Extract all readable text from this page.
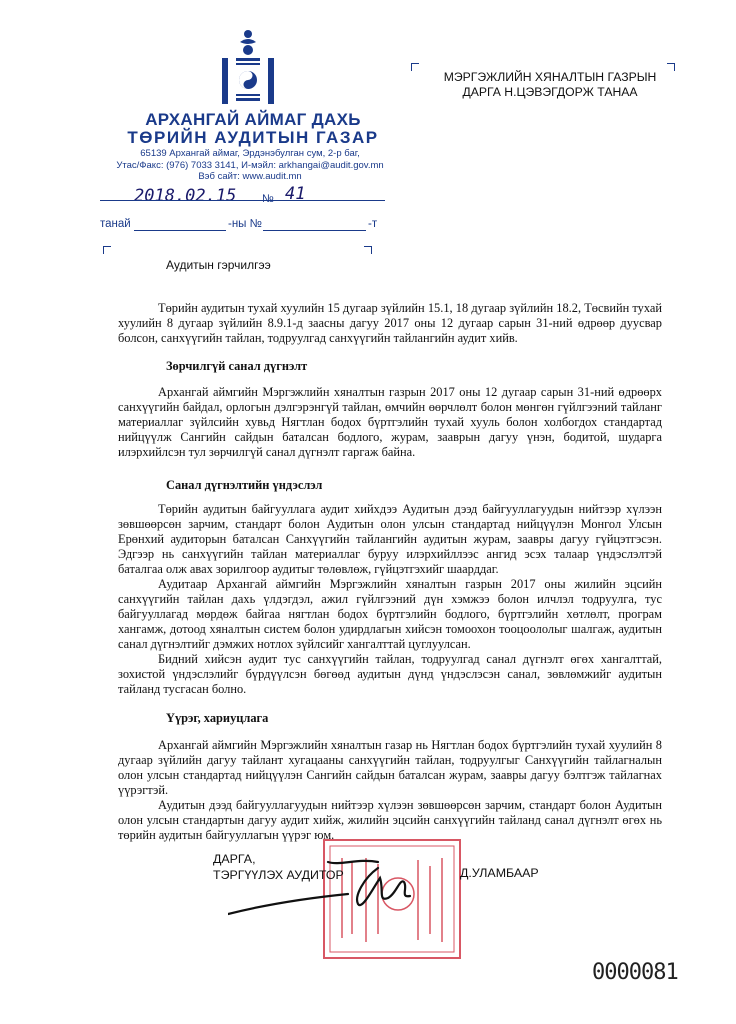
АРХАНГАЙ АЙМАГ ДАХЬ
ТӨРИЙН АУДИТЫН ГАЗАР
65139 Архангай аймаг, Эрдэнэбулган сум, 2-р баг,
Утас/Факс: (976) 7033 3141, И-мэйл: arkhangai@audit.gov.mn
Вэб сайт: www.audit.mn
2018.02.15 № 41
танай	-ны №	-т
МЭРГЭЖЛИЙН ХЯНАЛТЫН ГАЗРЫН
ДАРГА Н.ЦЭВЭГДОРЖ ТАНАА
Аудитын гэрчилгээ

Төрийн аудитын тухай хуулийн 15 дугаар зүйлийн 15.1, 18 дугаар зүйлийн 18.2, Төсвийн тухай хуулийн 8 дугаар зүйлийн 8.9.1-д заасны дагуу 2017 оны 12 дугаар сарын 31-ний өдрөөр дуусвар болсон, санхүүгийн тайлан, тодруулгад санхүүгийн тайлангийн аудит хийв.

Зөрчилгүй санал дүгнэлт

Архангай аймгийн Мэргэжлийн хяналтын газрын 2017 оны 12 дугаар сарын 31-ний өдрөөрх санхүүгийн байдал, орлогын дэлгэрэнгүй тайлан, өмчийн өөрчлөлт болон мөнгөн гүйлгээний тайланг материаллаг зүйлсийн хувьд Нягтлан бодох бүртгэлийн тухай хууль болон холбогдох стандартад нийцүүлж Сангийн сайдын баталсан бодлого, журам, зааврын дагуу үнэн, бодитой, шударга илэрхийлсэн тул зөрчилгүй санал дүгнэлт гаргаж байна.

Санал дүгнэлтийн үндэслэл

Төрийн аудитын байгууллага аудит хийхдээ Аудитын дээд байгууллагуудын нийтээр хүлээн зөвшөөрсөн зарчим, стандарт болон Аудитын олон улсын стандартад нийцүүлэн Монгол Улсын Ерөнхий аудиторын баталсан Санхүүгийн тайлангийн аудитын журам, заавры дагуу гүйцэтгэсэн. Эдгээр нь санхүүгийн тайлан материаллаг буруу илэрхийллээс ангид эсэх талаар үндэслэлтэй баталгаа олж авах зорилгоор аудитыг төлөвлөж, гүйцэтгэхийг шаарддаг.

Аудитаар Архангай аймгийн Мэргэжлийн хяналтын газрын 2017 оны жилийн эцсийн санхүүгийн тайлан дахь үлдэгдэл, ажил гүйлгээний дүн хэмжээ болон илчлэл тодруулга, тус байгууллагад мөрдөж байгаа нягтлан бодох бүртгэлийн бодлого, бүртгэлийн хөтлөлт, програм хангамж, дотоод хяналтын систем болон удирдлагын хийсэн томоохон тооцоололыг шалгаж, аудитын санал дүгнэлтийг дэмжих нотлох зүйлсийг хангалттай цуглуулсан.

Бидний хийсэн аудит тус санхүүгийн тайлан, тодруулгад санал дүгнэлт өгөх хангалттай, зохистой үндэслэлийг бүрдүүлсэн бөгөөд аудитын дүнд үндэслэсэн санал, зөвлөмжийг аудитын тайланд тусгасан болно.

Үүрэг, хариуцлага

Архангай аймгийн Мэргэжлийн хяналтын газар нь Нягтлан бодох бүртгэлийн тухай хуулийн 8 дугаар зүйлийн дагуу тайлант хугацааны санхүүгийн тайлан, тодруулгыг Санхүүгийн тайлагналын олон улсын стандартад нийцүүлэн Сангийн сайдын баталсан журам, заавры дагуу бэлтгэж тайлагнах үүрэгтэй.

Аудитын дээд байгууллагуудын нийтээр хүлээн зөвшөөрсөн зарчим, стандарт болон Аудитын олон улсын стандартын дагуу аудит хийж, жилийн эцсийн санхүүгийн тайланд санал дүгнэлт өгөх нь төрийн аудитын байгууллагын үүрэг юм.

ДАРГА,
ТЭРГҮҮЛЭХ АУДИТОР	Д.УЛАМБААР
0000081
